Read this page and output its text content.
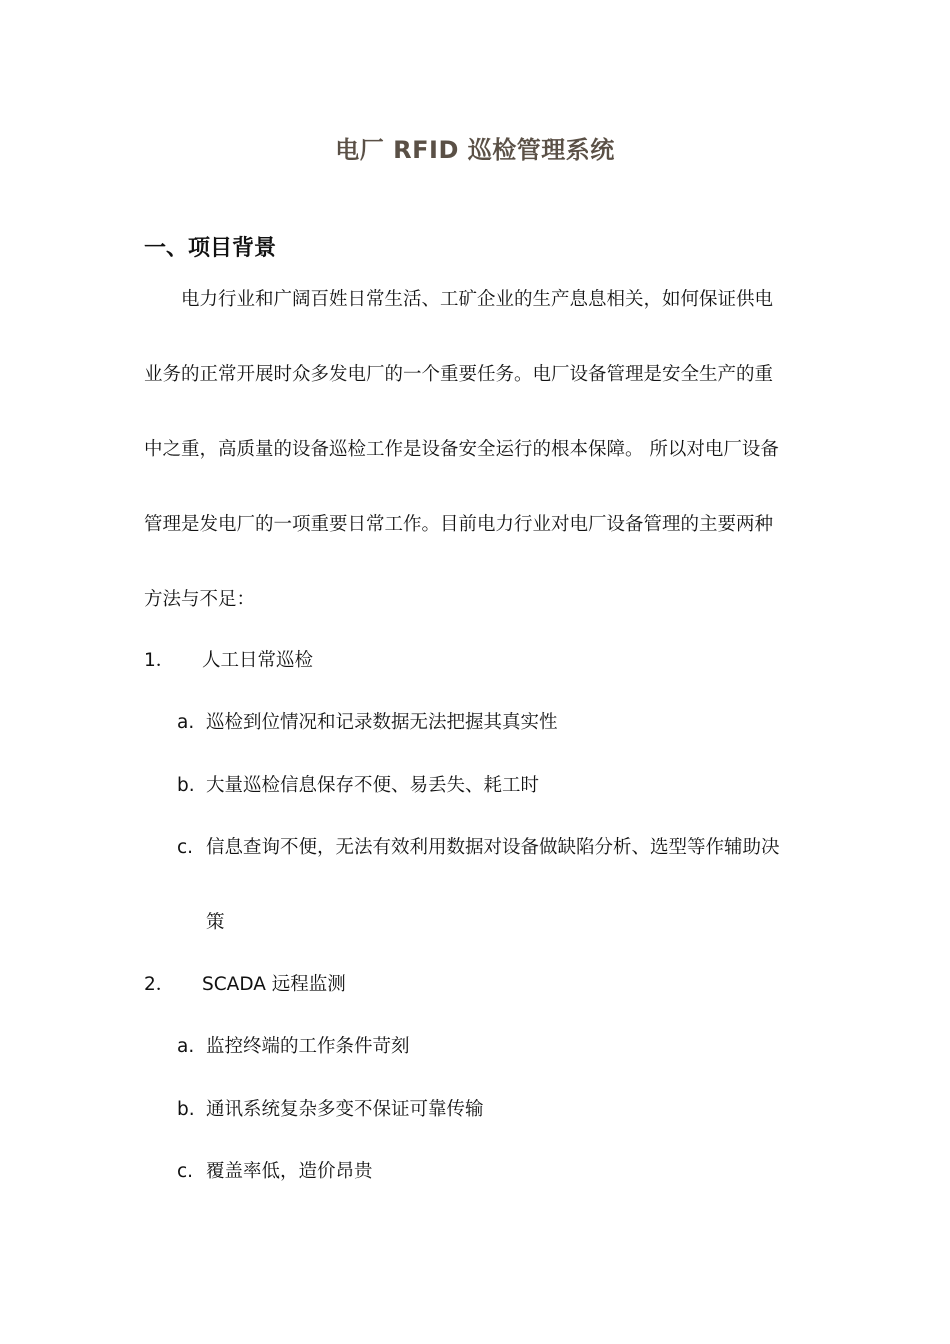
电厂 RFID 巡检管理系统
一、项目背景
电力行业和广阔百姓日常生活、工矿企业的生产息息相关，如何保证供电
业务的正常开展时众多发电厂的一个重要任务。电厂设备管理是安全生产的重
中之重，高质量的设备巡检工作是设备安全运行的根本保障。 所以对电厂设备
管理是发电厂的一项重要日常工作。目前电力行业对电厂设备管理的主要两种
方法与不足：
1． 人工日常巡检
a. 巡检到位情况和记录数据无法把握其真实性
b. 大量巡检信息保存不便、易丢失、耗工时
c. 信息查询不便，无法有效利用数据对设备做缺陷分析、选型等作辅助决
策
2． SCADA 远程监测
a. 监控终端的工作条件苛刻
b. 通讯系统复杂多变不保证可靠传输
c. 覆盖率低，造价昂贵
